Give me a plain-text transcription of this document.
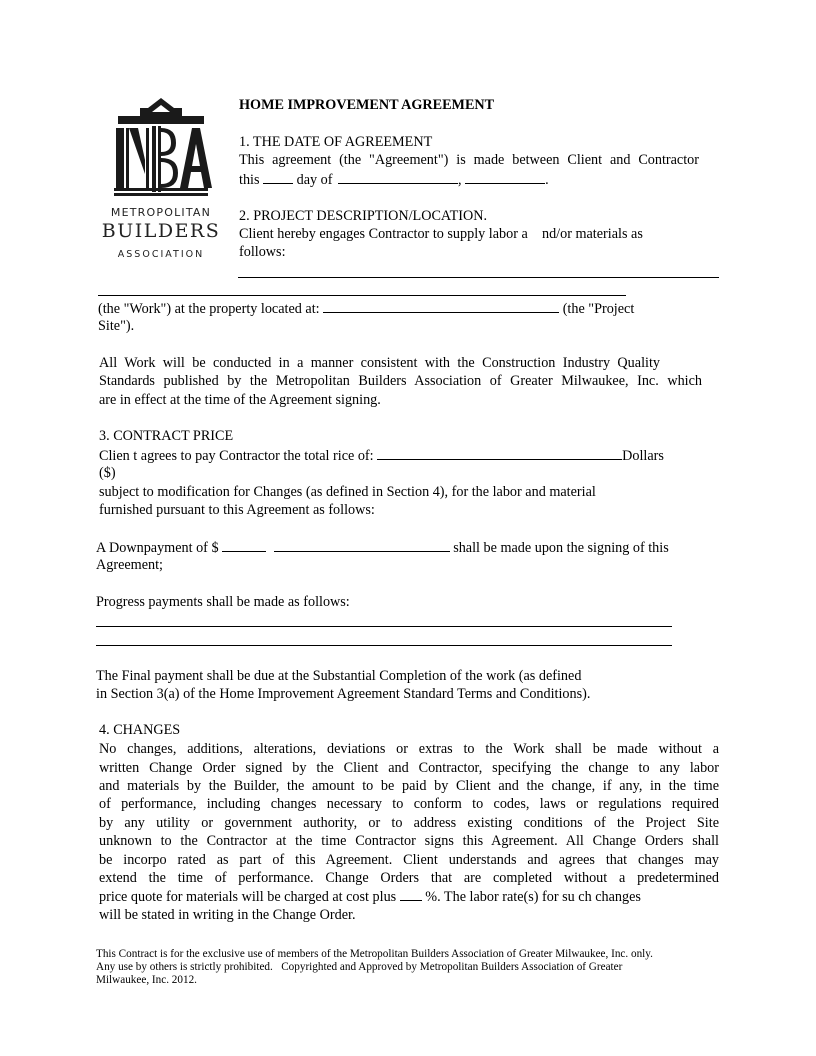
METROPOLITAN
BUILDERS
ASSOCIATION
HOME IMPROVEMENT AGREEMENT
1. THE DATE OF AGREEMENT
This agreement (the "Agreement") is made between Client and Contractor
this	day of	,	.
2. PROJECT DESCRIPTION/LOCATION.
Client hereby engages Contractor to supply labor a    nd/or materials as
follows:
(the "Work") at the property located at:	(the "Project
Site").
All Work will be conducted in a manner consistent with the Construction Industry Quality
Standards published by the Metropolitan Builders Association of Greater Milwaukee, Inc. which
are in effect at the time of the Agreement signing.
3. CONTRACT PRICE
Clien t agrees to pay Contractor the total rice of:	Dollars
($)
subject to modification for Changes (as defined in Section 4), for the labor and material
furnished pursuant to this Agreement as follows:
A Downpayment of $	shall be made upon the signing of this
Agreement;
Progress payments shall be made as follows:
The Final payment shall be due at the Substantial Completion of the work (as defined
in Section 3(a) of the Home Improvement Agreement Standard Terms and Conditions).
4. CHANGES
No changes, additions, alterations, deviations or extras to the Work shall be made without a
written Change Order signed by the Client and Contractor, specifying the change to any labor
and materials by the Builder, the amount to be paid by Client and the change, if any, in the time
of performance, including changes necessary to conform to codes, laws or regulations required
by any utility or government authority, or to address existing conditions of the Project Site
unknown to the Contractor at the time Contractor signs this Agreement. All Change Orders shall
be incorpo rated as part of this Agreement. Client understands and agrees that changes may
extend the time of performance. Change Orders that are completed without a predetermined
price quote for materials will be charged at cost plus %. The labor rate(s) for su ch changes
will be stated in writing in the Change Order.
This Contract is for the exclusive use of members of the Metropolitan Builders Association of Greater Milwaukee, Inc. only.
Any use by others is strictly prohibited.   Copyrighted and Approved by Metropolitan Builders Association of Greater
Milwaukee, Inc. 2012.
